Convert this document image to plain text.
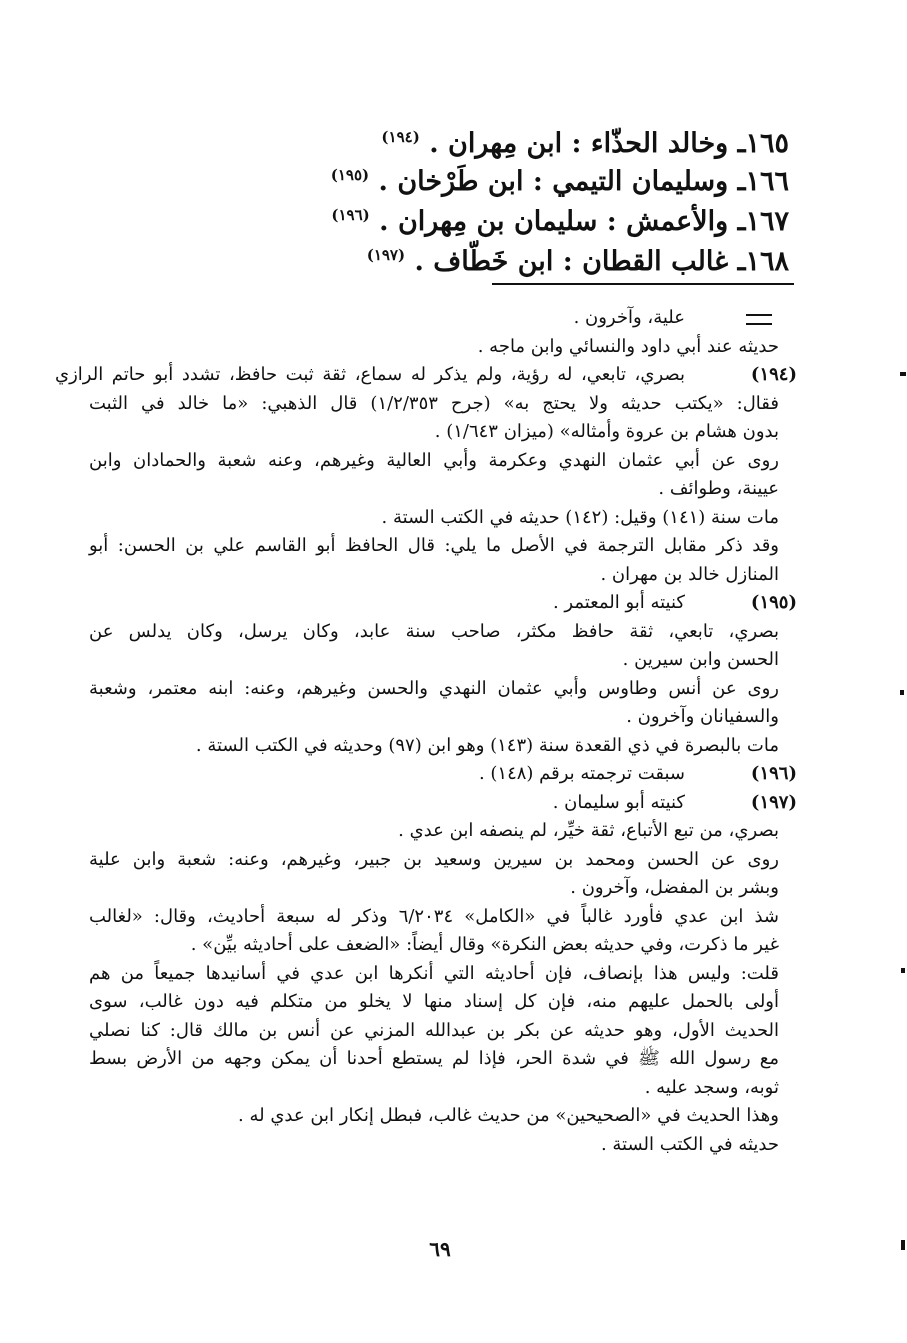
١٦٥ـ وخالد الحذّاء : ابن مِهران . $^{(١٩٤)}$
١٦٦ـ وسليمان التيمي : ابن طَرْخان . $^{(١٩٥)}$
١٦٧ـ والأعمش : سليمان بن مِهران . $^{(١٩٦)}$
١٦٨ـ غالب القطان : ابن خَطّاف . $^{(١٩٧)}$
علية، وآخرون .
حديثه عند أبي داود والنسائي وابن ماجه .
(١٩٤)
بصري، تابعي، له رؤية، ولم يذكر له سماع، ثقة ثبت حافظ، تشدد أبو حاتم الرازي
فقال: «يكتب حديثه ولا يحتج به» (جرح ١/٢/٣٥٣) قال الذهبي: «ما خالد في الثبت
بدون هشام بن عروة وأمثاله» (ميزان ١/٦٤٣) .
روى عن أبي عثمان النهدي وعكرمة وأبي العالية وغيرهم، وعنه شعبة والحمادان وابن
عيينة، وطوائف .
مات سنة (١٤١) وقيل: (١٤٢) حديثه في الكتب الستة .
وقد ذكر مقابل الترجمة في الأصل ما يلي: قال الحافظ أبو القاسم علي بن الحسن: أبو
المنازل خالد بن مهران .
(١٩٥)
كنيته أبو المعتمر .
بصري، تابعي، ثقة حافظ مكثر، صاحب سنة عابد، وكان يرسل، وكان يدلس عن
الحسن وابن سيرين .
روى عن أنس وطاوس وأبي عثمان النهدي والحسن وغيرهم، وعنه: ابنه معتمر، وشعبة
والسفيانان وآخرون .
مات بالبصرة في ذي القعدة سنة (١٤٣) وهو ابن (٩٧) وحديثه في الكتب الستة .
(١٩٦)
سبقت ترجمته برقم (١٤٨) .
(١٩٧)
كنيته أبو سليمان .
بصري، من تبع الأتباع، ثقة خيِّر، لم ينصفه ابن عدي .
روى عن الحسن ومحمد بن سيرين وسعيد بن جبير، وغيرهم، وعنه: شعبة وابن علية
وبشر بن المفضل، وآخرون .
شذ ابن عدي فأورد غالباً في «الكامل» ٦/٢٠٣٤ وذكر له سبعة أحاديث، وقال: «لغالب
غير ما ذكرت، وفي حديثه بعض النكرة» وقال أيضاً: «الضعف على أحاديثه بيِّن» .
قلت: وليس هذا بإنصاف، فإن أحاديثه التي أنكرها ابن عدي في أسانيدها جميعاً من هم
أولى بالحمل عليهم منه، فإن كل إسناد منها لا يخلو من متكلم فيه دون غالب، سوى
الحديث الأول، وهو حديثه عن بكر بن عبدالله المزني عن أنس بن مالك قال: كنا نصلي
مع رسول الله ﷺ في شدة الحر، فإذا لم يستطع أحدنا أن يمكن وجهه من الأرض بسط
ثوبه، وسجد عليه .
وهذا الحديث في «الصحيحين» من حديث غالب، فبطل إنكار ابن عدي له .
حديثه في الكتب الستة .
٦٩
